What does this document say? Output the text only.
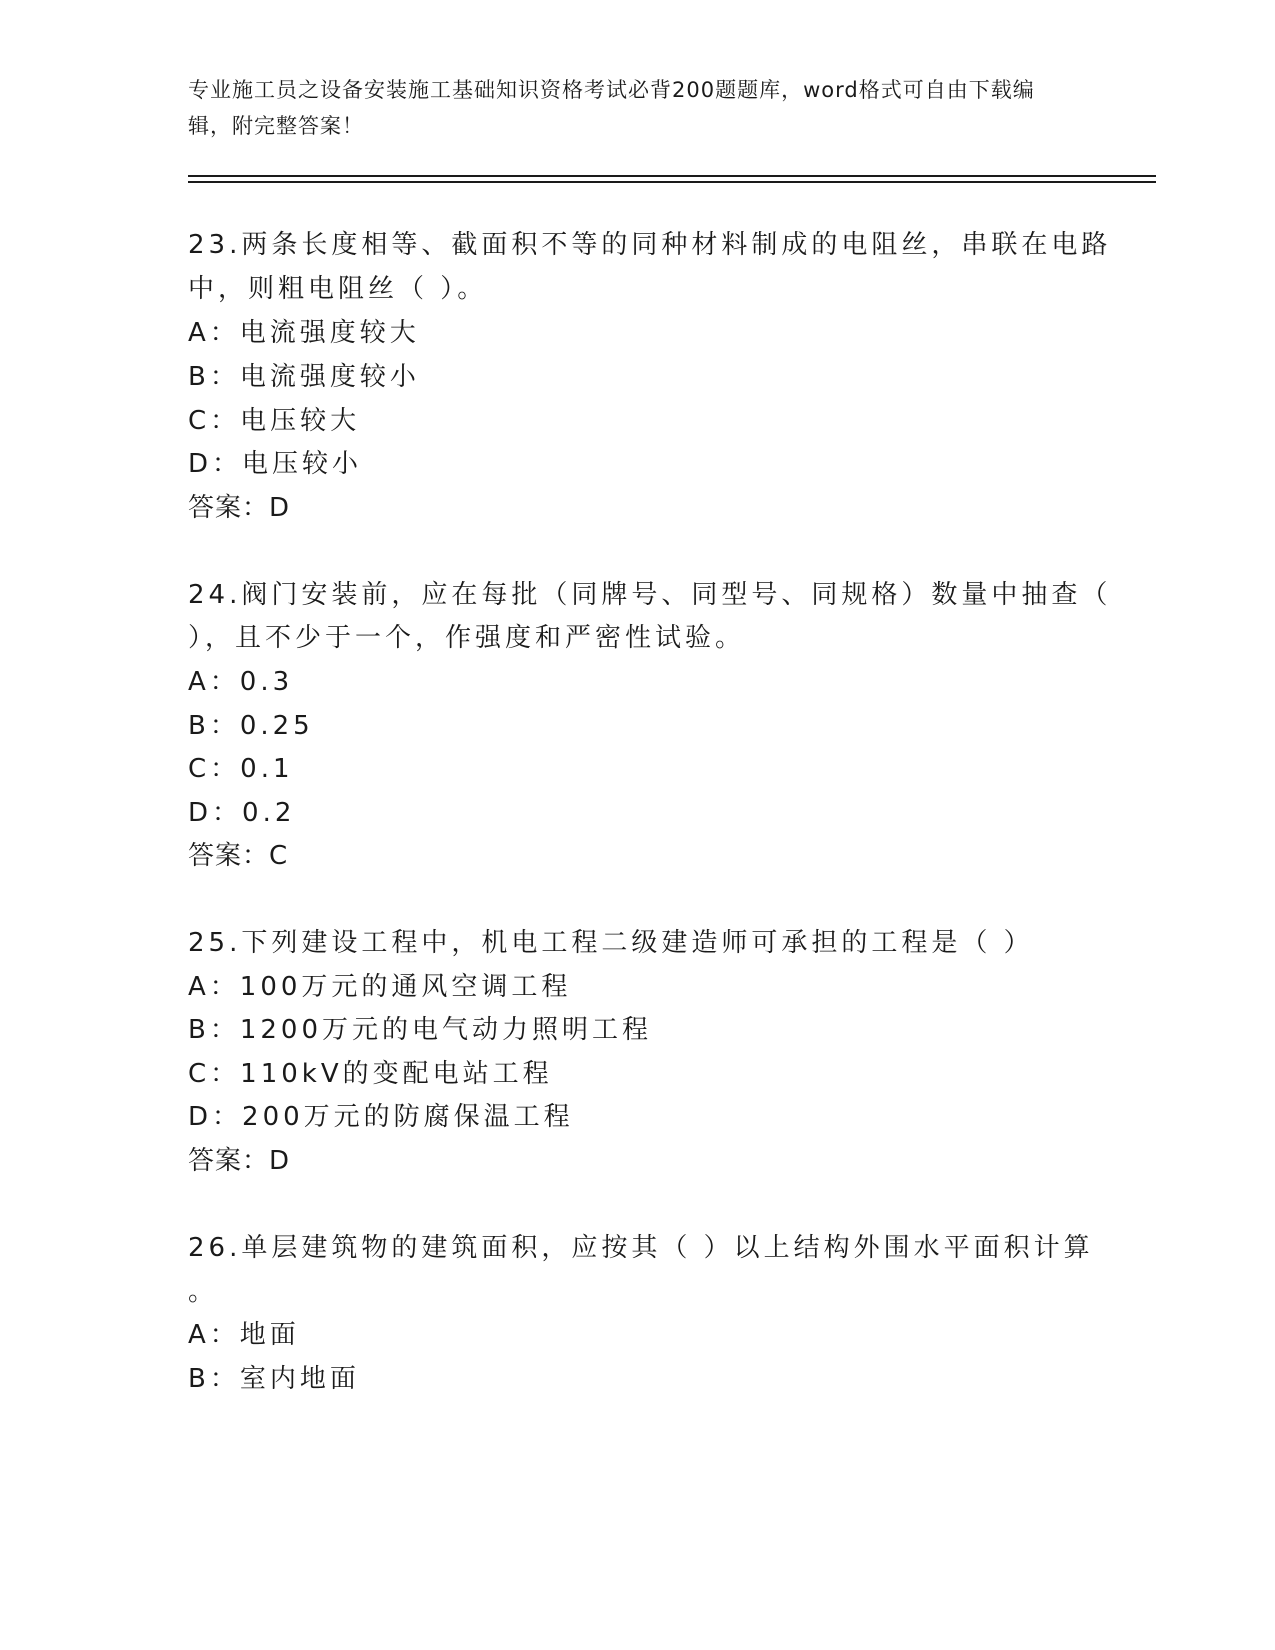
专业施工员之设备安装施工基础知识资格考试必背200题题库，word格式可自由下载编辑，附完整答案！
23.两条长度相等、截面积不等的同种材料制成的电阻丝，串联在电路
中，则粗电阻丝（ ）。
A：电流强度较大
B：电流强度较小
C：电压较大
D：电压较小
答案：D
24.阀门安装前，应在每批（同牌号、同型号、同规格）数量中抽查（
），且不少于一个，作强度和严密性试验。
A：0.3
B：0.25
C：0.1
D：0.2
答案：C
25.下列建设工程中，机电工程二级建造师可承担的工程是（ ）
A：100万元的通风空调工程
B：1200万元的电气动力照明工程
C：110kV的变配电站工程
D：200万元的防腐保温工程
答案：D
26.单层建筑物的建筑面积，应按其（ ）以上结构外围水平面积计算
。
A：地面
B：室内地面
